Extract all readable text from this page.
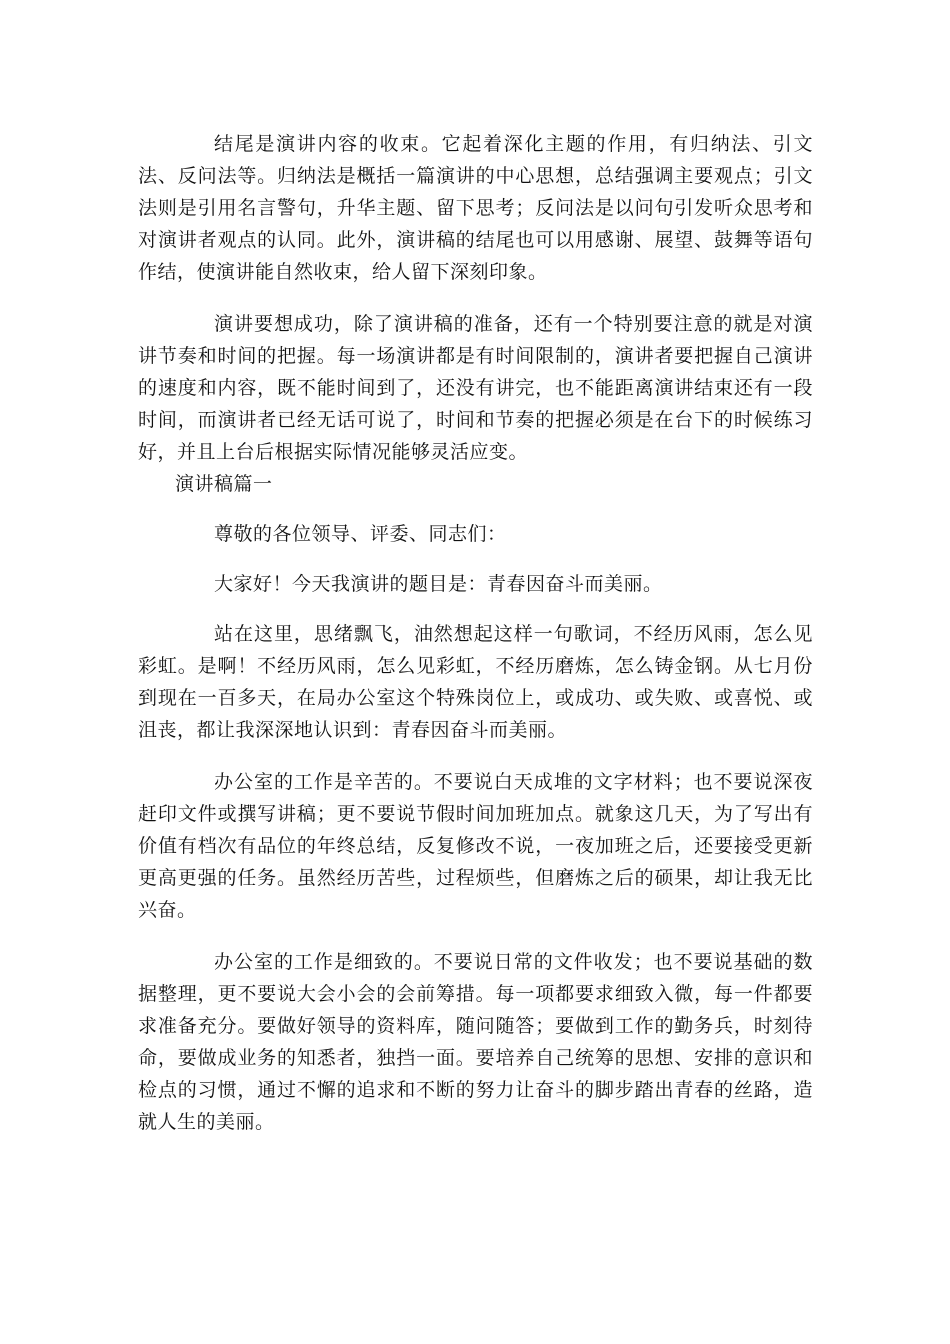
结尾是演讲内容的收束。它起着深化主题的作用，有归纳法、引文法、反问法等。归纳法是概括一篇演讲的中心思想，总结强调主要观点；引文法则是引用名言警句，升华主题、留下思考；反问法是以问句引发听众思考和对演讲者观点的认同。此外，演讲稿的结尾也可以用感谢、展望、鼓舞等语句作结，使演讲能自然收束，给人留下深刻印象。

演讲要想成功，除了演讲稿的准备，还有一个特别要注意的就是对演讲节奏和时间的把握。每一场演讲都是有时间限制的，演讲者要把握自己演讲的速度和内容，既不能时间到了，还没有讲完，也不能距离演讲结束还有一段时间，而演讲者已经无话可说了，时间和节奏的把握必须是在台下的时候练习好，并且上台后根据实际情况能够灵活应变。

演讲稿篇一

尊敬的各位领导、评委、同志们：

大家好！今天我演讲的题目是：青春因奋斗而美丽。

站在这里，思绪飘飞，油然想起这样一句歌词，不经历风雨，怎么见彩虹。是啊！不经历风雨，怎么见彩虹，不经历磨炼，怎么铸金钢。从七月份到现在一百多天，在局办公室这个特殊岗位上，或成功、或失败、或喜悦、或沮丧，都让我深深地认识到：青春因奋斗而美丽。

办公室的工作是辛苦的。不要说白天成堆的文字材料；也不要说深夜赶印文件或撰写讲稿；更不要说节假时间加班加点。就象这几天，为了写出有价值有档次有品位的年终总结，反复修改不说，一夜加班之后，还要接受更新更高更强的任务。虽然经历苦些，过程烦些，但磨炼之后的硕果，却让我无比兴奋。

办公室的工作是细致的。不要说日常的文件收发；也不要说基础的数据整理，更不要说大会小会的会前筹措。每一项都要求细致入微，每一件都要求准备充分。要做好领导的资料库，随问随答；要做到工作的勤务兵，时刻待命，要做成业务的知悉者，独挡一面。要培养自己统筹的思想、安排的意识和检点的习惯，通过不懈的追求和不断的努力让奋斗的脚步踏出青春的丝路，造就人生的美丽。
